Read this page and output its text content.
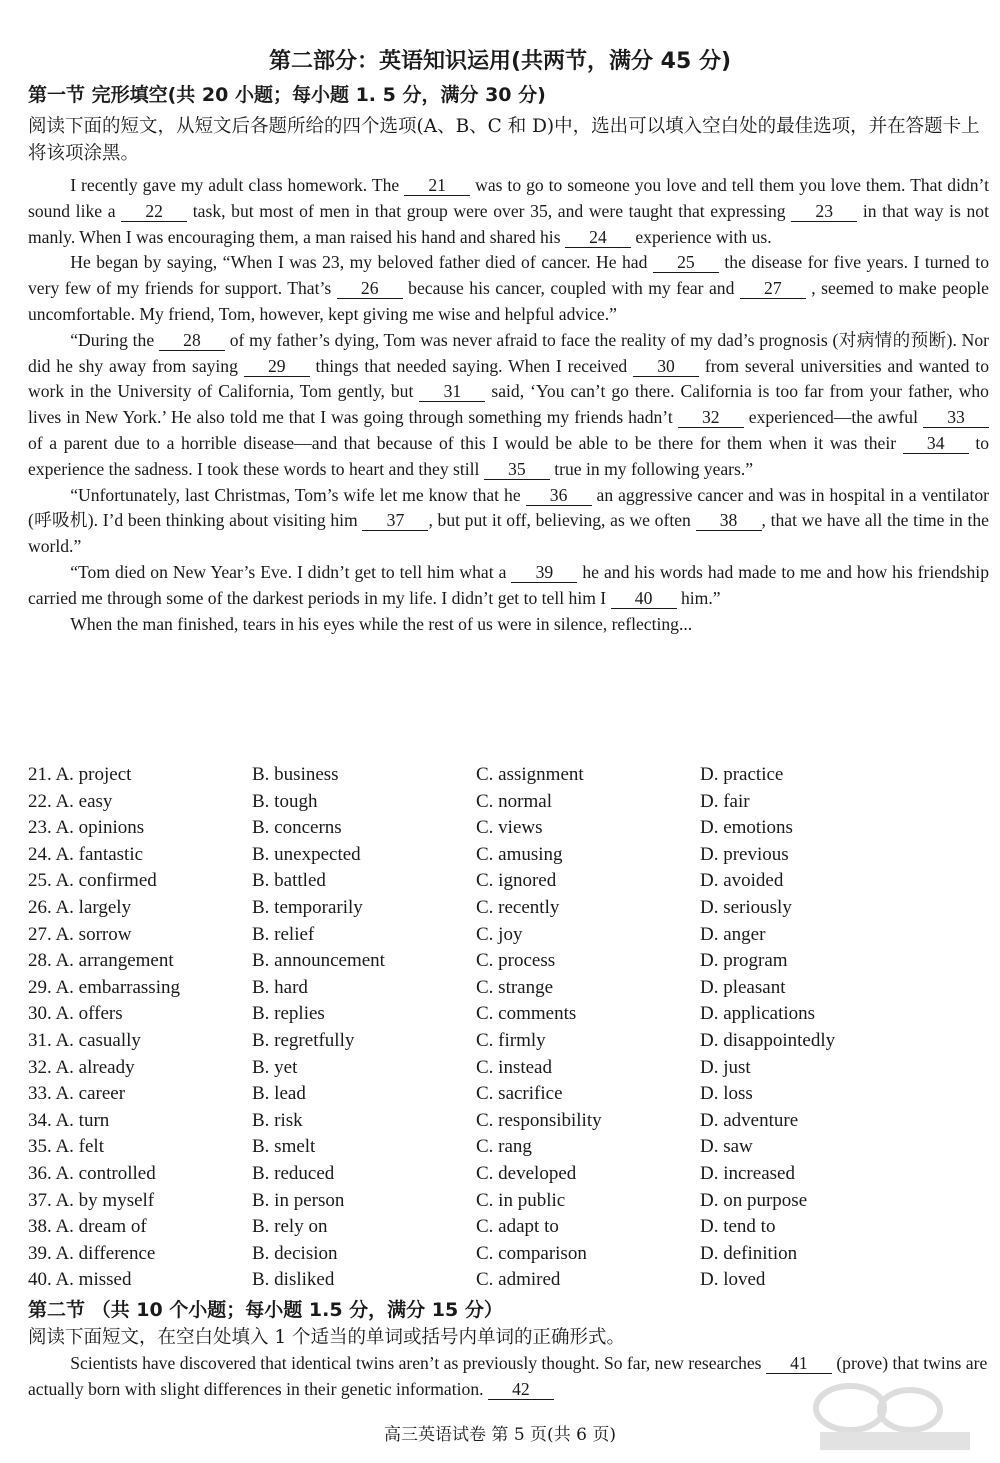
第二部分：英语知识运用(共两节，满分 45 分)
第一节 完形填空(共 20 小题；每小题 1. 5 分，满分 30 分)
阅读下面的短文，从短文后各题所给的四个选项(A、B、C 和 D)中，选出可以填入空白处的最佳选项，并在答题卡上将该项涂黑。

I recently gave my adult class homework. The 21 was to go to someone you love and tell them you love them. That didn’t sound like a 22 task, but most of men in that group were over 35, and were taught that expressing 23 in that way is not manly. When I was encouraging them, a man raised his hand and shared his 24 experience with us.

He began by saying, “When I was 23, my beloved father died of cancer. He had 25 the disease for five years. I turned to very few of my friends for support. That’s 26 because his cancer, coupled with my fear and 27 , seemed to make people uncomfortable. My friend, Tom, however, kept giving me wise and helpful advice.”

“During the 28 of my father’s dying, Tom was never afraid to face the reality of my dad’s prognosis (对病情的预断). Nor did he shy away from saying 29 things that needed saying. When I received 30 from several universities and wanted to work in the University of California, Tom gently, but 31 said, ‘You can’t go there. California is too far from your father, who lives in New York.’ He also told me that I was going through something my friends hadn’t 32 experienced—the awful 33 of a parent due to a horrible disease—and that because of this I would be able to be there for them when it was their 34 to experience the sadness. I took these words to heart and they still 35 true in my following years.”

“Unfortunately, last Christmas, Tom’s wife let me know that he 36 an aggressive cancer and was in hospital in a ventilator (呼吸机). I’d been thinking about visiting him 37 , but put it off, believing, as we often 38 , that we have all the time in the world.”

“Tom died on New Year’s Eve. I didn’t get to tell him what a 39 he and his words had made to me and how his friendship carried me through some of the darkest periods in my life. I didn’t get to tell him I 40 him.”

When the man finished, tears in his eyes while the rest of us were in silence, reflecting...

21. A. project	B. business	C. assignment	D. practice
22. A. easy	B. tough	C. normal	D. fair
23. A. opinions	B. concerns	C. views	D. emotions
24. A. fantastic	B. unexpected	C. amusing	D. previous
25. A. confirmed	B. battled	C. ignored	D. avoided
26. A. largely	B. temporarily	C. recently	D. seriously
27. A. sorrow	B. relief	C. joy	D. anger
28. A. arrangement	B. announcement	C. process	D. program
29. A. embarrassing	B. hard	C. strange	D. pleasant
30. A. offers	B. replies	C. comments	D. applications
31. A. casually	B. regretfully	C. firmly	D. disappointedly
32. A. already	B. yet	C. instead	D. just
33. A. career	B. lead	C. sacrifice	D. loss
34. A. turn	B. risk	C. responsibility	D. adventure
35. A. felt	B. smelt	C. rang	D. saw
36. A. controlled	B. reduced	C. developed	D. increased
37. A. by myself	B. in person	C. in public	D. on purpose
38. A. dream of	B. rely on	C. adapt to	D. tend to
39. A. difference	B. decision	C. comparison	D. definition
40. A. missed	B. disliked	C. admired	D. loved
第二节 （共 10 个小题；每小题 1.5 分，满分 15 分）
阅读下面短文，在空白处填入 1 个适当的单词或括号内单词的正确形式。

Scientists have discovered that identical twins aren’t as previously thought. So far, new researches 41 (prove) that twins are actually born with slight differences in their genetic information. 42

高三英语试卷 第 5 页(共 6 页)
